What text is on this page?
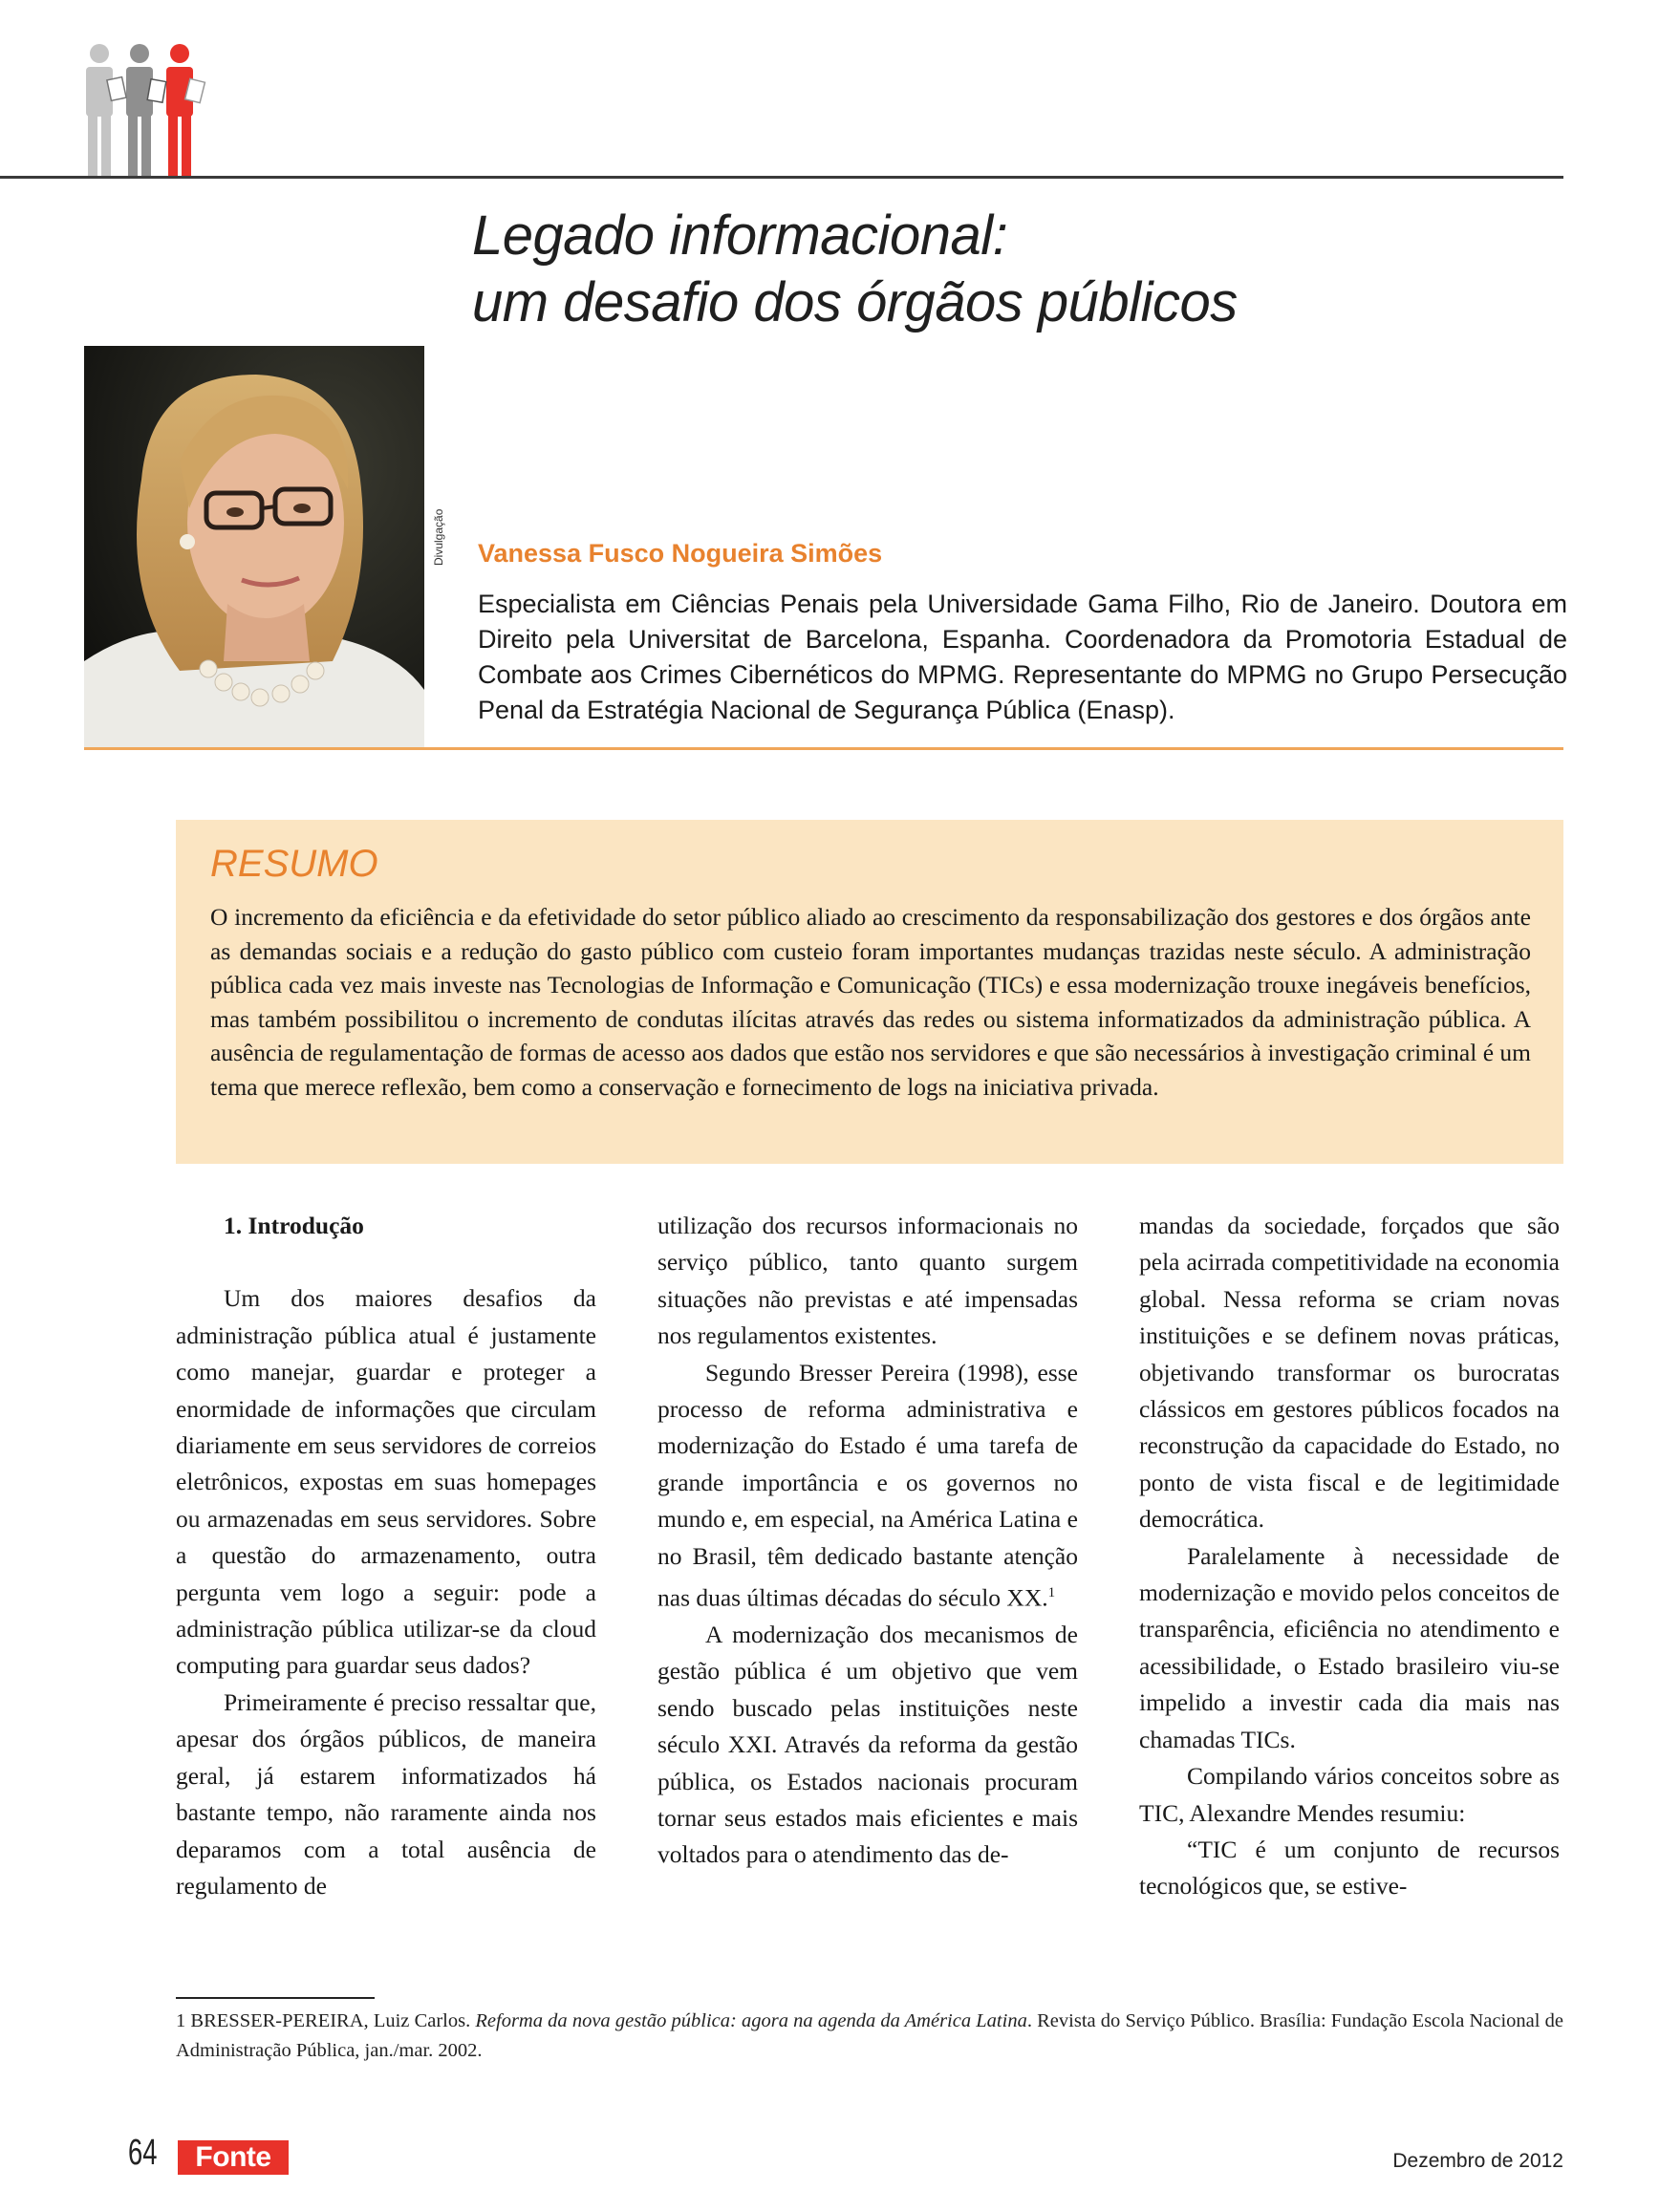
Legado informacional:
um desafio dos órgãos públicos
Divulgação Vanessa Fusco Nogueira Simões
Especialista em Ciências Penais pela Universidade Gama Filho, Rio de Janeiro. Doutora em Direito pela Universitat de Barcelona, Espanha. Coordenadora da Promotoria Estadual de Combate aos Crimes Cibernéticos do MPMG. Representante do MPMG no Grupo Persecução Penal da Estratégia Nacional de Segurança Pública (Enasp).
RESUMO
O incremento da eficiência e da efetividade do setor público aliado ao crescimento da responsabilização dos gestores e dos órgãos ante as demandas sociais e a redução do gasto público com custeio foram importantes mudanças trazidas neste século. A administração pública cada vez mais investe nas Tecnologias de Informação e Comunicação (TICs) e essa modernização trouxe inegáveis benefícios, mas também possibilitou o incremento de condutas ilícitas através das redes ou sistema informatizados da administração pública. A ausência de regulamentação de formas de acesso aos dados que estão nos servidores e que são necessários à investigação criminal é um tema que merece reflexão, bem como a conservação e fornecimento de logs na iniciativa privada.

1. Introdução

Um dos maiores desafios da administração pública atual é justamente como manejar, guardar e proteger a enormidade de informações que circulam diariamente em seus servidores de correios eletrônicos, expostas em suas homepages ou armazenadas em seus servidores. Sobre a questão do armazenamento, outra pergunta vem logo a seguir: pode a administração pública utilizar-se da cloud computing para guardar seus dados?

Primeiramente é preciso ressaltar que, apesar dos órgãos públicos, de maneira geral, já estarem informatizados há bastante tempo, não raramente ainda nos deparamos com a total ausência de regulamento de

utilização dos recursos informacionais no serviço público, tanto quanto surgem situações não previstas e até impensadas nos regulamentos existentes.

Segundo Bresser Pereira (1998), esse processo de reforma administrativa e modernização do Estado é uma tarefa de grande importância e os governos no mundo e, em especial, na América Latina e no Brasil, têm dedicado bastante atenção nas duas últimas décadas do século XX.$^1$

A modernização dos mecanismos de gestão pública é um objetivo que vem sendo buscado pelas instituições neste século XXI. Através da reforma da gestão pública, os Estados nacionais procuram tornar seus estados mais eficientes e mais voltados para o atendimento das de-

mandas da sociedade, forçados que são pela acirrada competitividade na economia global. Nessa reforma se criam novas instituições e se definem novas práticas, objetivando transformar os burocratas clássicos em gestores públicos focados na reconstrução da capacidade do Estado, no ponto de vista fiscal e de legitimidade democrática.

Paralelamente à necessidade de modernização e movido pelos conceitos de transparência, eficiência no atendimento e acessibilidade, o Estado brasileiro viu-se impelido a investir cada dia mais nas chamadas TICs.

Compilando vários conceitos sobre as TIC, Alexandre Mendes resumiu:

“TIC é um conjunto de recursos tecnológicos que, se estive-

1 BRESSER-PEREIRA, Luiz Carlos. Reforma da nova gestão pública: agora na agenda da América Latina. Revista do Serviço Público. Brasília: Fundação Escola Nacional de Administração Pública, jan./mar. 2002.
64	Fonte	Dezembro de 2012
